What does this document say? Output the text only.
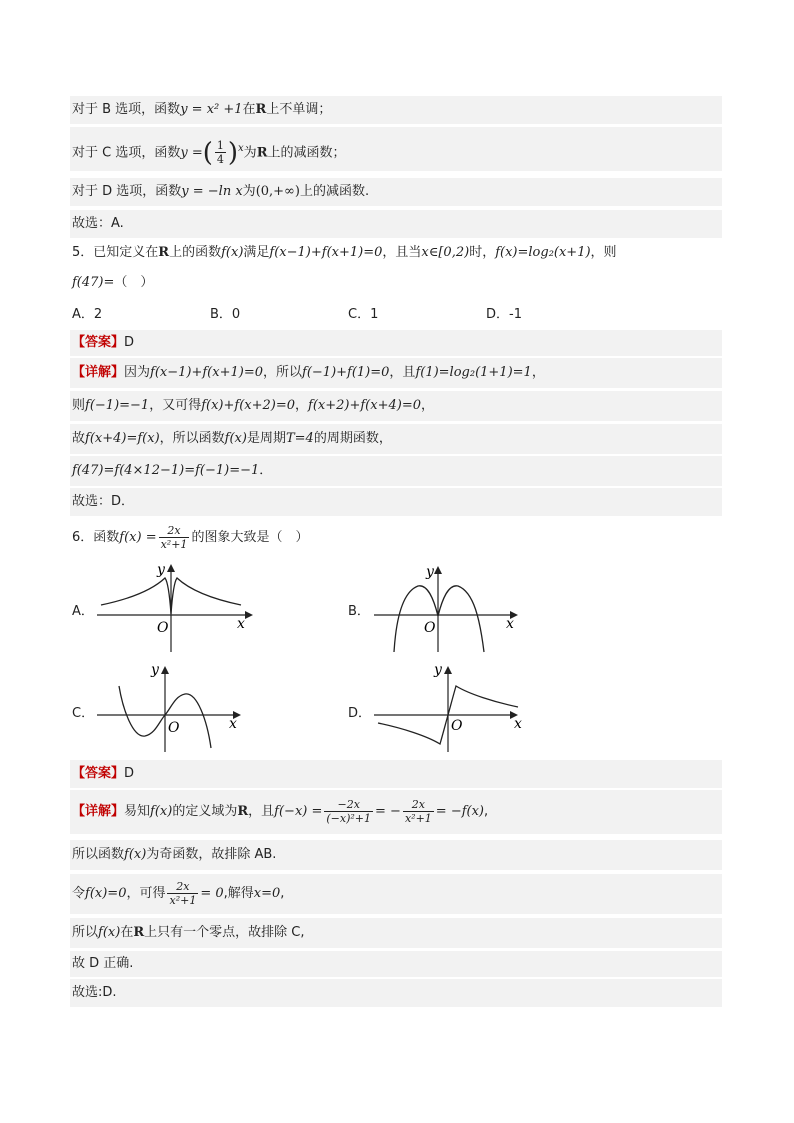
对于 B 选项，函数y = x² +1在R上不单调；
对于 C 选项，函数y =( $\frac{1}{4} )^x$为R上的减函数；
对于 D 选项，函数y = −ln x为(0,+∞)上的减函数.
故选：A.
5．已知定义在R上的函数f(x)满足f(x−1)+f(x+1)=0，且当x∈[0,2)时，f(x)=log₂(x+1)，则
f(47)=（　）
A．2	B．0	C．1	D．-1
【答案】D
【详解】因为f(x−1)+f(x+1)=0，所以f(−1)+f(1)=0，且f(1)=log₂(1+1)=1，
则f(−1)=−1，又可得f(x)+f(x+2)=0，f(x+2)+f(x+4)=0，
故f(x+4)=f(x)，所以函数f(x)是周期T=4的周期函数，
f(47)=f(4×12−1)=f(−1)=−1．
故选：D．
6．函数$f(x) = \frac{2x}{\text{x²+1}}$ 的图象大致是（　）
A．	B．
C．	D．
y
x
O
y
x
O
y
x
O
y
x
O
【答案】D
【详解】易知f(x)的定义域为R，且$f(-x) = \frac{-2x}{\text{(−x)²+1}}$ = − $\frac{2x}{\text{x²+1}} = -f(x)$,
所以函数f(x)为奇函数，故排除 AB.
令f(x)=0，可得 $\frac{2x}{\text{x²+1}} = 0$,解得x=0,
所以f(x)在R上只有一个零点，故排除 C,
故 D 正确.
故选:D.
